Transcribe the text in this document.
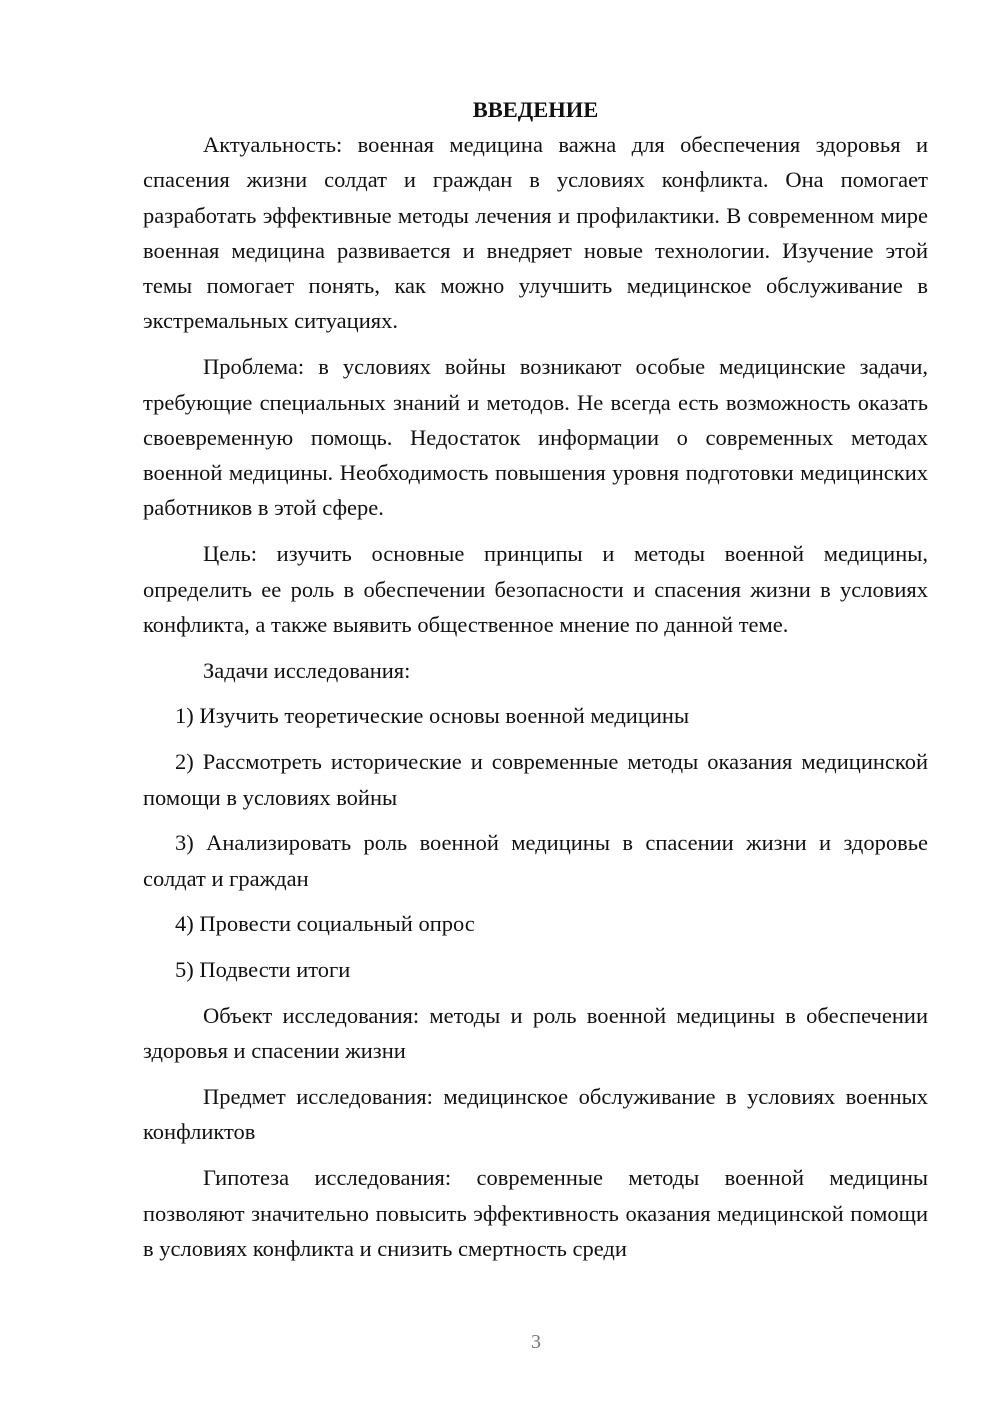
ВВЕДЕНИЕ

Актуальность: военная медицина важна для обеспечения здоровья и спасения жизни солдат и граждан в условиях конфликта. Она помогает разработать эффективные методы лечения и профилактики. В современном мире военная медицина развивается и внедряет новые технологии. Изучение этой темы помогает понять, как можно улучшить медицинское обслуживание в экстремальных ситуациях.

Проблема: в условиях войны возникают особые медицинские задачи, требующие специальных знаний и методов. Не всегда есть возможность оказать своевременную помощь. Недостаток информации о современных методах военной медицины. Необходимость повышения уровня подготовки медицинских работников в этой сфере.

Цель: изучить основные принципы и методы военной медицины, определить ее роль в обеспечении безопасности и спасения жизни в условиях конфликта, а также выявить общественное мнение по данной теме.

Задачи исследования:

1) Изучить теоретические основы военной медицины

2) Рассмотреть исторические и современные методы оказания медицинской помощи в условиях войны

3) Анализировать роль военной медицины в спасении жизни и здоровье солдат и граждан

4) Провести социальный опрос

5) Подвести итоги

Объект исследования: методы и роль военной медицины в обеспечении здоровья и спасении жизни

Предмет исследования: медицинское обслуживание в условиях военных конфликтов

Гипотеза исследования: современные методы военной медицины позволяют значительно повысить эффективность оказания медицинской помощи в условиях конфликта и снизить смертность среди

3
